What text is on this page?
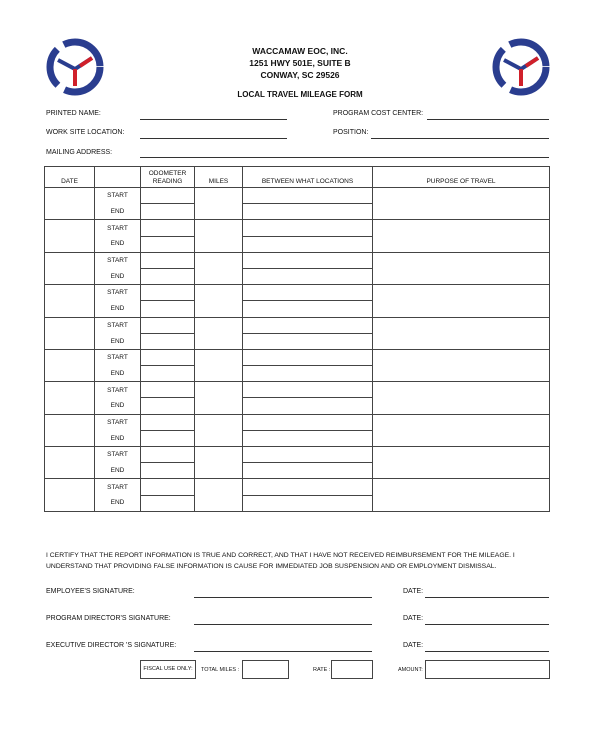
WACCAMAW EOC, INC.
1251 HWY 501E, SUITE B
CONWAY, SC 29526
LOCAL TRAVEL MILEAGE FORM
PRINTED NAME:	PROGRAM COST CENTER:
WORK SITE LOCATION:	POSITION:
MAILING ADDRESS:
DATE		ODOMETER READING	MILES	BETWEEN WHAT LOCATIONS	PURPOSE OF TRAVEL
	START				
	END				
	START				
	END				
	START				
	END				
	START				
	END				
	START				
	END				
	START				
	END				
	START				
	END				
	START				
	END				
	START				
	END				
	START				
	END				
I CERTIFY THAT THE REPORT INFORMATION IS TRUE AND CORRECT, AND THAT I HAVE NOT RECEIVED REIMBURSEMENT FOR THE MILEAGE. I UNDERSTAND THAT PROVIDING FALSE INFORMATION IS CAUSE FOR IMMEDIATED JOB SUSPENSION AND OR EMPLOYMENT DISMISSAL.
EMPLOYEE'S SIGNATURE:	DATE:
PROGRAM DIRECTOR'S SIGNATURE:	DATE:
EXECUTIVE DIRECTOR 'S SIGNATURE:	DATE:
FISCAL USE ONLY:	TOTAL MILES :	RATE :	AMOUNT:
